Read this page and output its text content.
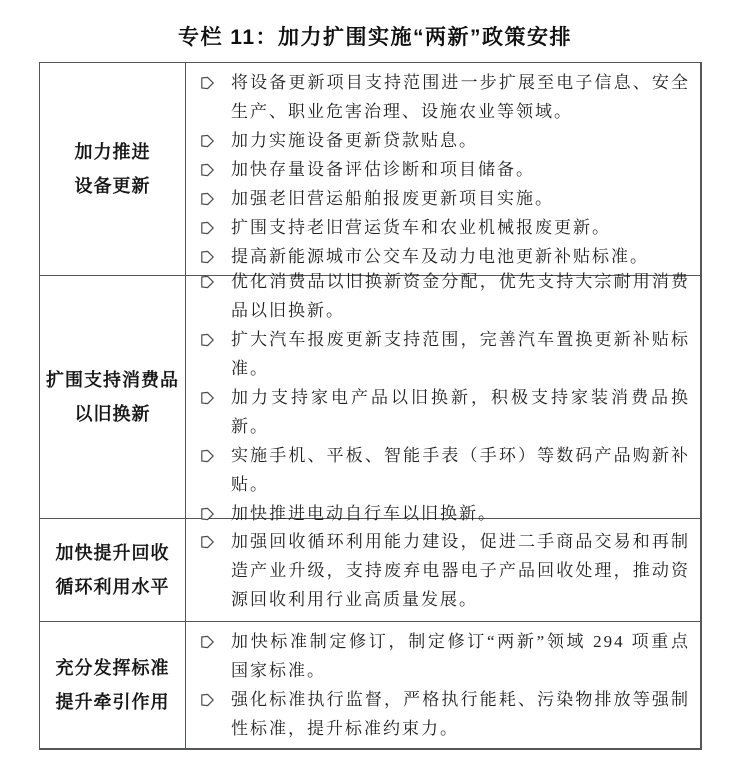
专栏 11：加力扩围实施“两新”政策安排
加力推进
设备更新
将设备更新项目支持范围进一步扩展至电子信息、安全生产、职业危害治理、设施农业等领域。
加力实施设备更新贷款贴息。
加快存量设备评估诊断和项目储备。
加强老旧营运船舶报废更新项目实施。
扩围支持老旧营运货车和农业机械报废更新。
提高新能源城市公交车及动力电池更新补贴标准。
扩围支持消费品
以旧换新
优化消费品以旧换新资金分配，优先支持大宗耐用消费品以旧换新。
扩大汽车报废更新支持范围，完善汽车置换更新补贴标准。
加力支持家电产品以旧换新，积极支持家装消费品换新。
实施手机、平板、智能手表（手环）等数码产品购新补贴。
加快推进电动自行车以旧换新。
加快提升回收
循环利用水平
加强回收循环利用能力建设，促进二手商品交易和再制造产业升级，支持废弃电器电子产品回收处理，推动资源回收利用行业高质量发展。
充分发挥标准
提升牵引作用
加快标准制定修订，制定修订“两新”领域 294 项重点国家标准。
强化标准执行监督，严格执行能耗、污染物排放等强制性标准，提升标准约束力。
